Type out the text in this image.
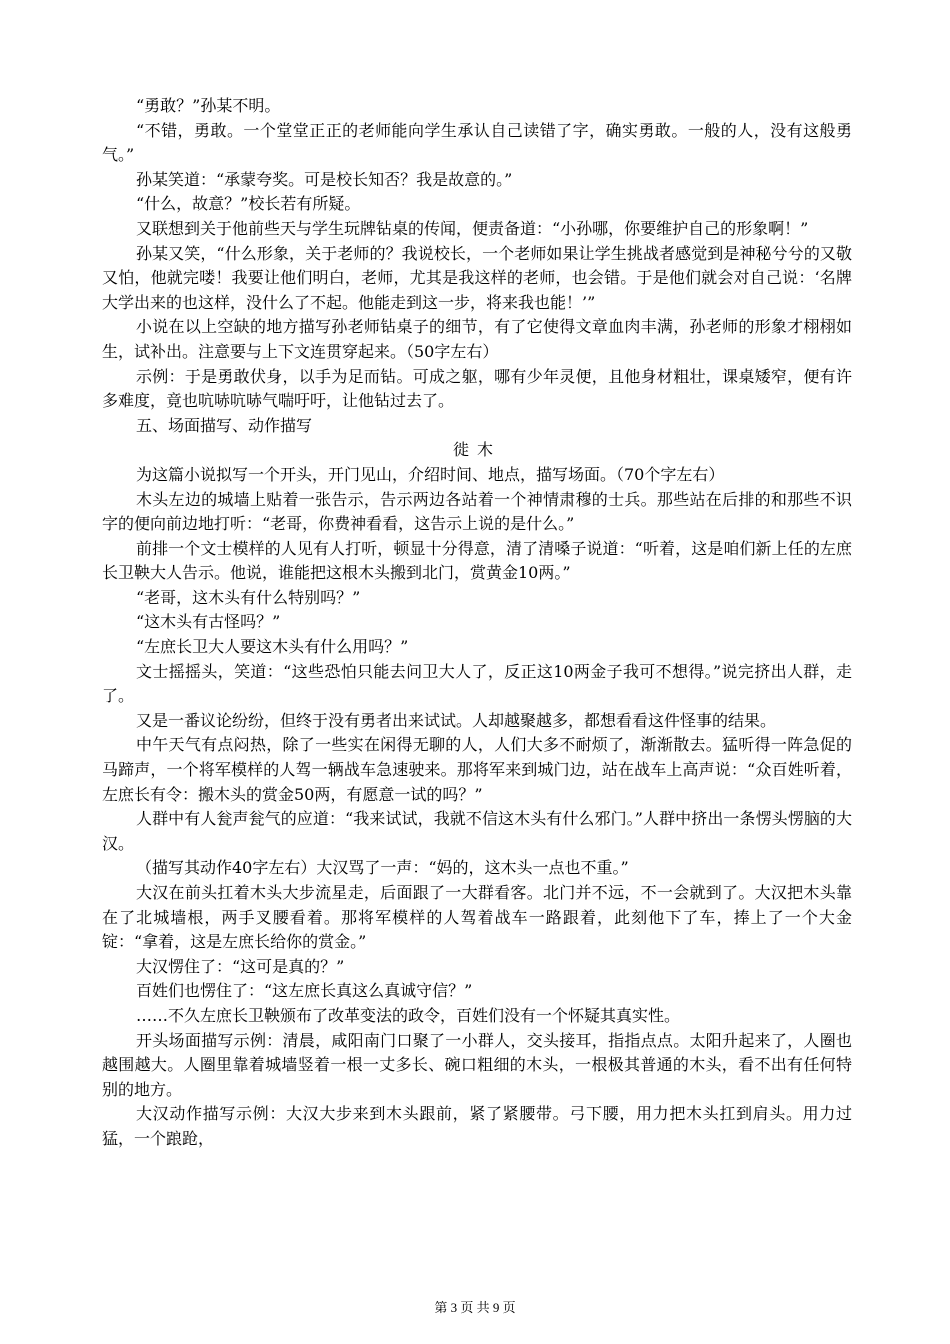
“勇敢？”孙某不明。

“不错，勇敢。一个堂堂正正的老师能向学生承认自己读错了字，确实勇敢。一般的人，没有这般勇气。”

孙某笑道：“承蒙夸奖。可是校长知否？我是故意的。”

“什么，故意？”校长若有所疑。

又联想到关于他前些天与学生玩牌钻桌的传闻，便责备道：“小孙哪，你要维护自己的形象啊！”

孙某又笑，“什么形象，关于老师的？我说校长，一个老师如果让学生挑战者感觉到是神秘兮兮的又敬又怕，他就完喽！我要让他们明白，老师，尤其是我这样的老师，也会错。于是他们就会对自己说：‘名牌大学出来的也这样，没什么了不起。他能走到这一步，将来我也能！’”

小说在以上空缺的地方描写孙老师钻桌子的细节，有了它使得文章血肉丰满，孙老师的形象才栩栩如生，试补出。注意要与上下文连贯穿起来。（50字左右）

示例：于是勇敢伏身，以手为足而钻。可成之躯，哪有少年灵便，且他身材粗壮，课桌矮窄，便有许多难度，竟也吭哧吭哧气喘吁吁，让他钻过去了。

五、场面描写、动作描写

徙木

为这篇小说拟写一个开头，开门见山，介绍时间、地点，描写场面。（70个字左右）

木头左边的城墙上贴着一张告示，告示两边各站着一个神情肃穆的士兵。那些站在后排的和那些不识字的便向前边地打听：“老哥，你费神看看，这告示上说的是什么。”

前排一个文士模样的人见有人打听，顿显十分得意，清了清嗓子说道：“听着，这是咱们新上任的左庶长卫鞅大人告示。他说，谁能把这根木头搬到北门，赏黄金10两。”

“老哥，这木头有什么特别吗？”

“这木头有古怪吗？”

“左庶长卫大人要这木头有什么用吗？”

文士摇摇头，笑道：“这些恐怕只能去问卫大人了，反正这10两金子我可不想得。”说完挤出人群，走了。

又是一番议论纷纷，但终于没有勇者出来试试。人却越聚越多，都想看看这件怪事的结果。

中午天气有点闷热，除了一些实在闲得无聊的人，人们大多不耐烦了，渐渐散去。猛听得一阵急促的马蹄声，一个将军模样的人驾一辆战车急速驶来。那将军来到城门边，站在战车上高声说：“众百姓听着，左庶长有令：搬木头的赏金50两，有愿意一试的吗？”

人群中有人瓮声瓮气的应道：“我来试试，我就不信这木头有什么邪门。”人群中挤出一条愣头愣脑的大汉。

（描写其动作40字左右）大汉骂了一声：“妈的，这木头一点也不重。”

大汉在前头扛着木头大步流星走，后面跟了一大群看客。北门并不远，不一会就到了。大汉把木头靠在了北城墙根，两手叉腰看着。那将军模样的人驾着战车一路跟着，此刻他下了车，捧上了一个大金锭：“拿着，这是左庶长给你的赏金。”

大汉愣住了：“这可是真的？”

百姓们也愣住了：“这左庶长真这么真诚守信？”

……不久左庶长卫鞅颁布了改革变法的政令，百姓们没有一个怀疑其真实性。

开头场面描写示例：清晨，咸阳南门口聚了一小群人，交头接耳，指指点点。太阳升起来了，人圈也越围越大。人圈里靠着城墙竖着一根一丈多长、碗口粗细的木头，一根极其普通的木头，看不出有任何特别的地方。

大汉动作描写示例：大汉大步来到木头跟前，紧了紧腰带。弓下腰，用力把木头扛到肩头。用力过猛，一个踉跄，

第 3 页 共 9 页
